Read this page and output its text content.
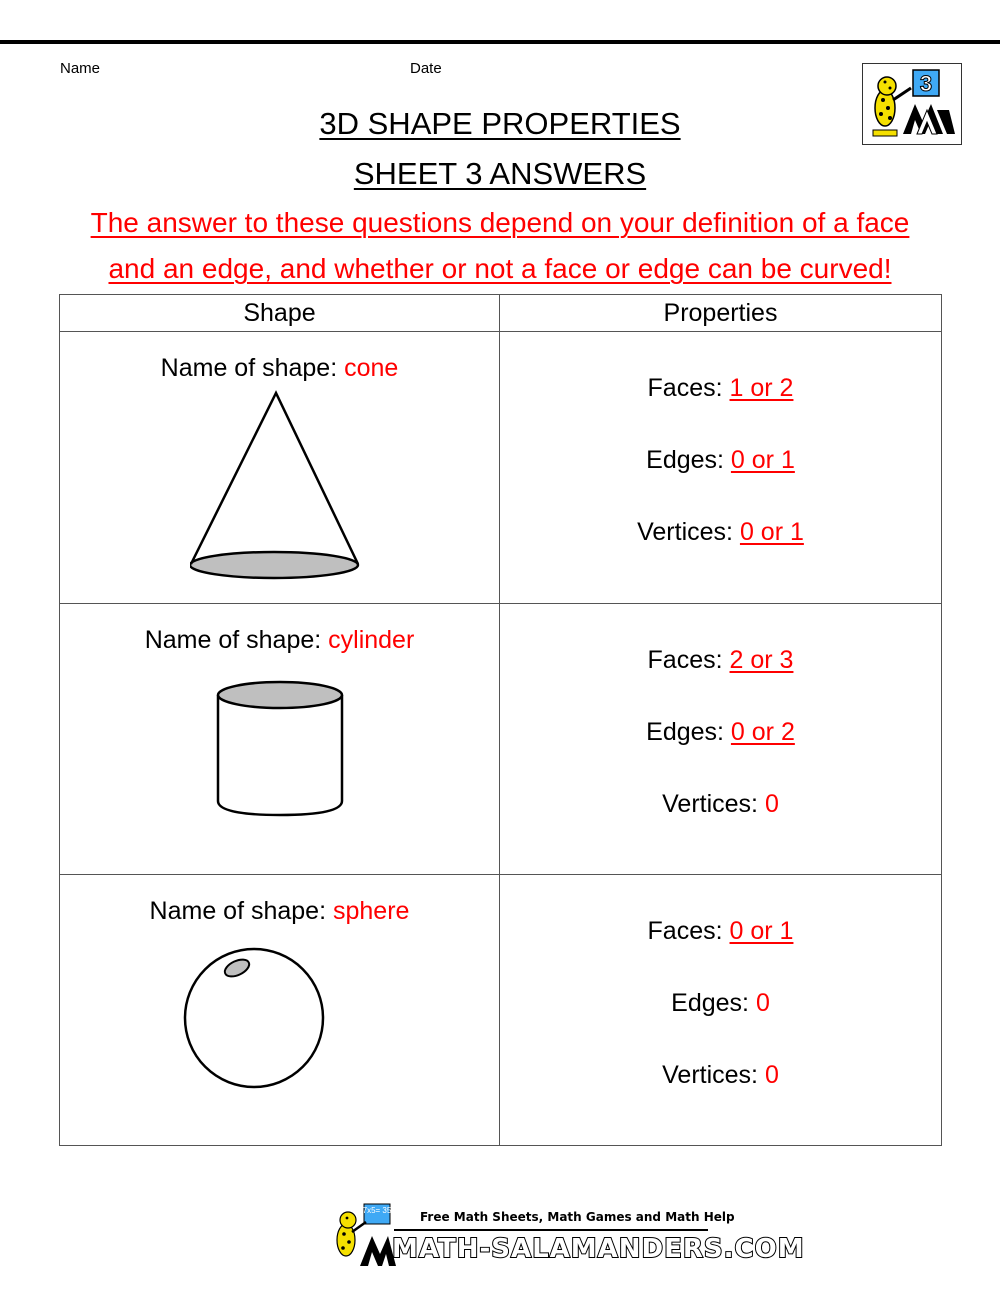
Name	Date
3
3D SHAPE PROPERTIES
SHEET 3 ANSWERS
The answer to these questions depend on your definition of a face
and an edge, and whether or not a face or edge can be curved!
Shape	Properties

Name of shape: cone	Faces: 1 or 2
Edges: 0 or 1
Vertices: 0 or 1

Name of shape: cylinder	Faces: 2 or 3
Edges: 0 or 2
Vertices: 0

Name of shape: sphere	Faces: 0 or 1
Edges: 0
Vertices: 0
7x5= 35 Free Math Sheets, Math Games and Math Help
MATH-SALAMANDERS.COM
